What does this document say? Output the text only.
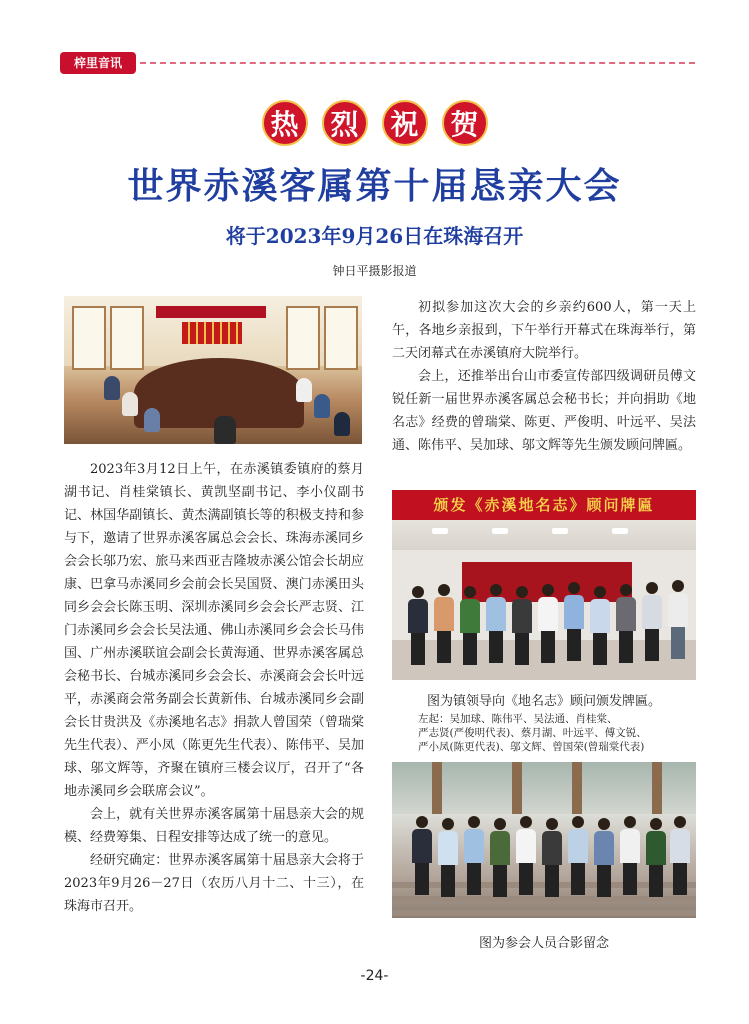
梓里音讯
热	烈	祝	贺
世界赤溪客属第十届恳亲大会
将于2023年9月26日在珠海召开
钟日平摄影报道

2023年3月12日上午，在赤溪镇委镇府的蔡月湖书记、肖桂棠镇长、黄凯坚副书记、李小仪副书记、林国华副镇长、黄杰满副镇长等的积极支持和参与下，邀请了世界赤溪客属总会会长、珠海赤溪同乡会会长邬乃宏、旅马来西亚吉隆坡赤溪公馆会长胡应康、巴拿马赤溪同乡会前会长吴国贤、澳门赤溪田头同乡会会长陈玉明、深圳赤溪同乡会会长严志贤、江门赤溪同乡会会长吴法通、佛山赤溪同乡会会长马伟国、广州赤溪联谊会副会长黄海通、世界赤溪客属总会秘书长、台城赤溪同乡会会长、赤溪商会会长叶远平，赤溪商会常务副会长黄新伟、台城赤溪同乡会副会长甘贵洪及《赤溪地名志》捐款人曾国荣（曾瑞棠先生代表）、严小凤（陈更先生代表）、陈伟平、吴加球、邬文辉等，齐聚在镇府三楼会议厅，召开了“各地赤溪同乡会联席会议”。

会上，就有关世界赤溪客属第十届恳亲大会的规模、经费筹集、日程安排等达成了统一的意见。

经研究确定：世界赤溪客属第十届恳亲大会将于2023年9月26－27日（农历八月十二、十三），在珠海市召开。

初拟参加这次大会的乡亲约600人，第一天上午，各地乡亲报到，下午举行开幕式在珠海举行，第二天闭幕式在赤溪镇府大院举行。

会上，还推举出台山市委宣传部四级调研员傅文锐任新一届世界赤溪客属总会秘书长；并向捐助《地名志》经费的曾瑞棠、陈更、严俊明、叶远平、吴法通、陈伟平、吴加球、邬文辉等先生颁发顾问牌匾。

颁发《赤溪地名志》顾问牌匾
图为镇领导向《地名志》顾问颁发牌匾。
左起：吴加球、陈伟平、吴法通、肖桂棠、
严志贤(严俊明代表)、蔡月湖、叶远平、傅文锐、
严小凤(陈更代表)、邬文辉、曾国荣(曾瑞棠代表)
图为参会人员合影留念
-24-
